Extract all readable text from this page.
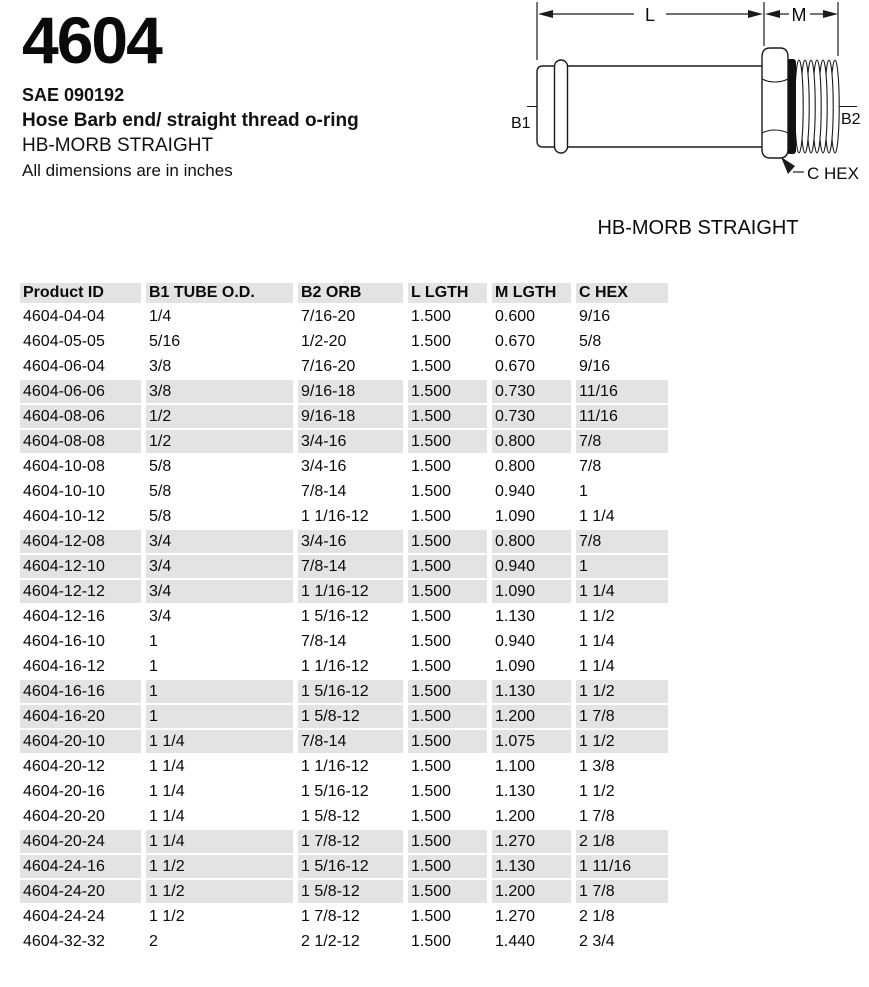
4604
SAE 090192
Hose Barb end/ straight thread o-ring
HB-MORB STRAIGHT
All dimensions are in inches
L	M
B1	B2
C HEX
HB-MORB STRAIGHT
Product ID	B1 TUBE O.D.	B2 ORB	L LGTH	M LGTH	C HEX
4604-04-04	1/4	7/16-20	1.500	0.600	9/16
4604-05-05	5/16	1/2-20	1.500	0.670	5/8
4604-06-04	3/8	7/16-20	1.500	0.670	9/16
4604-06-06	3/8	9/16-18	1.500	0.730	11/16
4604-08-06	1/2	9/16-18	1.500	0.730	11/16
4604-08-08	1/2	3/4-16	1.500	0.800	7/8
4604-10-08	5/8	3/4-16	1.500	0.800	7/8
4604-10-10	5/8	7/8-14	1.500	0.940	1
4604-10-12	5/8	1 1/16-12	1.500	1.090	1 1/4
4604-12-08	3/4	3/4-16	1.500	0.800	7/8
4604-12-10	3/4	7/8-14	1.500	0.940	1
4604-12-12	3/4	1 1/16-12	1.500	1.090	1 1/4
4604-12-16	3/4	1 5/16-12	1.500	1.130	1 1/2
4604-16-10	1	7/8-14	1.500	0.940	1 1/4
4604-16-12	1	1 1/16-12	1.500	1.090	1 1/4
4604-16-16	1	1 5/16-12	1.500	1.130	1 1/2
4604-16-20	1	1 5/8-12	1.500	1.200	1 7/8
4604-20-10	1 1/4	7/8-14	1.500	1.075	1 1/2
4604-20-12	1 1/4	1 1/16-12	1.500	1.100	1 3/8
4604-20-16	1 1/4	1 5/16-12	1.500	1.130	1 1/2
4604-20-20	1 1/4	1 5/8-12	1.500	1.200	1 7/8
4604-20-24	1 1/4	1 7/8-12	1.500	1.270	2 1/8
4604-24-16	1 1/2	1 5/16-12	1.500	1.130	1 11/16
4604-24-20	1 1/2	1 5/8-12	1.500	1.200	1 7/8
4604-24-24	1 1/2	1 7/8-12	1.500	1.270	2 1/8
4604-32-32	2	2 1/2-12	1.500	1.440	2 3/4
